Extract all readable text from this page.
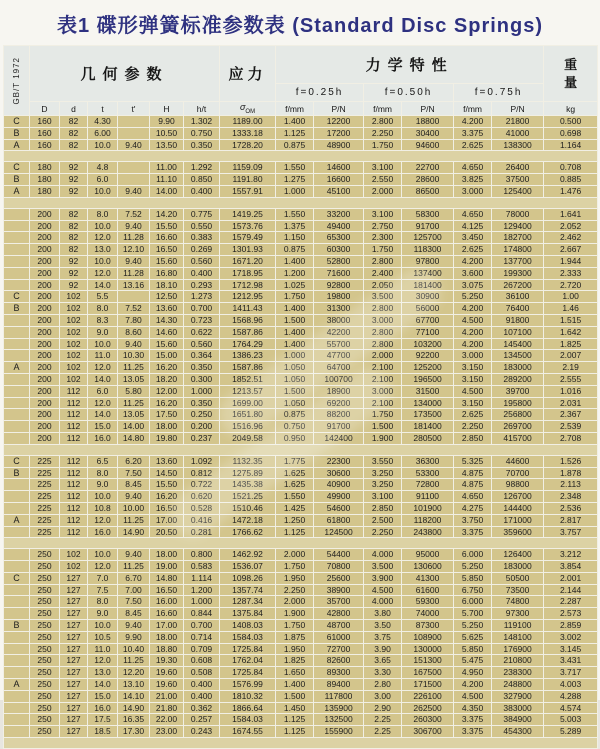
表1 碟形弹簧标准参数表 (Standard Disc Springs)
GB/T 1972	几何参数						应力	力学特性						重
量

								f=0.25h		f=0.50h		f=0.75h		
	D	d	t	t'	H	h/t	$\sigma_{OM}$	f/mm	P/N	f/mm	P/N	f/mm	P/N	kg
C	160	82	4.30		9.90	1.302	1189.00	1.400	12200	2.800	18800	4.200	21800	0.500
B	160	82	6.00		10.50	0.750	1333.18	1.125	17200	2.250	30400	3.375	41000	0.698
A	160	82	10.0	9.40	13.50	0.350	1728.20	0.875	48900	1.750	94600	2.625	138300	1.164

C	180	92	4.8		11.00	1.292	1159.09	1.550	14600	3.100	22700	4.650	26400	0.708
B	180	92	6.0		11.10	0.850	1191.80	1.275	16600	2.550	28600	3.825	37500	0.885
A	180	92	10.0	9.40	14.00	0.400	1557.91	1.000	45100	2.000	86500	3.000	125400	1.476

	200	82	8.0	7.52	14.20	0.775	1419.25	1.550	33200	3.100	58300	4.650	78000	1.641
	200	82	10.0	9.40	15.50	0.550	1573.76	1.375	49400	2.750	91700	4.125	129400	2.052
	200	82	12.0	11.28	16.60	0.383	1579.49	1.150	65300	2.300	125700	3.450	182700	2.462
	200	82	13.0	12.10	16.50	0.269	1301.93	0.875	60300	1.750	118300	2.625	174800	2.667
	200	92	10.0	9.40	15.60	0.560	1671.20	1.400	52800	2.800	97800	4.200	137700	1.944
	200	92	12.0	11.28	16.80	0.400	1718.95	1.200	71600	2.400	137400	3.600	199300	2.333
	200	92	14.0	13.16	18.10	0.293	1712.98	1.025	92800	2.050	181400	3.075	267200	2.720
C	200	102	5.5		12.50	1.273	1212.95	1.750	19800	3.500	30900	5.250	36100	1.00
B	200	102	8.0	7.52	13.60	0.700	1411.43	1.400	31300	2.800	56000	4.200	76400	1.46
	200	102	8.3	7.80	14.30	0.723	1568.96	1.500	38000	3.000	67700	4.500	91800	1.515
	200	102	9.0	8.60	14.60	0.622	1587.86	1.400	42200	2.800	77100	4.200	107100	1.642
	200	102	10.0	9.40	15.60	0.560	1764.29	1.400	55700	2.800	103200	4.200	145400	1.825
	200	102	11.0	10.30	15.00	0.364	1386.23	1.000	47700	2.000	92200	3.000	134500	2.007
A	200	102	12.0	11.25	16.20	0.350	1587.86	1.050	64700	2.100	125200	3.150	183000	2.19
	200	102	14.0	13.05	18.20	0.300	1852.51	1.050	100700	2.100	196500	3.150	289200	2.555
	200	112	6.0	5.80	12.00	1.000	1213.57	1.500	18900	3.000	31500	4.500	39700	1.016
	200	112	12.0	11.25	16.20	0.350	1699.00	1.050	69200	2.100	134000	3.150	195800	2.031
	200	112	14.0	13.05	17.50	0.250	1651.80	0.875	88200	1.750	173500	2.625	256800	2.367
	200	112	15.0	14.00	18.00	0.200	1516.96	0.750	91700	1.500	181400	2.250	269700	2.539
	200	112	16.0	14.80	19.80	0.237	2049.58	0.950	142400	1.900	280500	2.850	415700	2.708

C	225	112	6.5	6.20	13.60	1.092	1132.35	1.775	22300	3.550	36300	5.325	44600	1.526
B	225	112	8.0	7.50	14.50	0.812	1275.89	1.625	30600	3.250	53300	4.875	70700	1.878
	225	112	9.0	8.45	15.50	0.722	1435.38	1.625	40900	3.250	72800	4.875	98800	2.113
	225	112	10.0	9.40	16.20	0.620	1521.25	1.550	49900	3.100	91100	4.650	126700	2.348
	225	112	10.8	10.00	16.50	0.528	1510.46	1.425	54600	2.850	101900	4.275	144400	2.536
A	225	112	12.0	11.25	17.00	0.416	1472.18	1.250	61800	2.500	118200	3.750	171000	2.817
	225	112	16.0	14.90	20.50	0.281	1766.62	1.125	124500	2.250	243800	3.375	359600	3.757

	250	102	10.0	9.40	18.00	0.800	1462.92	2.000	54400	4.000	95000	6.000	126400	3.212
	250	102	12.0	11.25	19.00	0.583	1536.07	1.750	70800	3.500	130600	5.250	183000	3.854
C	250	127	7.0	6.70	14.80	1.114	1098.26	1.950	25600	3.900	41300	5.850	50500	2.001
	250	127	7.5	7.00	16.50	1.200	1357.74	2.250	38900	4.500	61600	6.750	73500	2.144
	250	127	8.0	7.50	16.00	1.000	1287.34	2.000	35700	4.000	59300	6.000	74800	2.287
	250	127	9.0	8.45	16.60	0.844	1375.84	1.900	42800	3.80	74000	5.700	97300	2.573
B	250	127	10.0	9.40	17.00	0.700	1408.03	1.750	48700	3.50	87300	5.250	119100	2.859
	250	127	10.5	9.90	18.00	0.714	1584.03	1.875	61000	3.75	108900	5.625	148100	3.002
	250	127	11.0	10.40	18.80	0.709	1725.84	1.950	72700	3.90	130000	5.850	176900	3.145
	250	127	12.0	11.25	19.30	0.608	1762.04	1.825	82600	3.65	151300	5.475	210800	3.431
	250	127	13.0	12.20	19.60	0.508	1725.84	1.650	89300	3.30	167500	4.950	238300	3.717
A	250	127	14.0	13.10	19.60	0.400	1576.99	1.400	89400	2.80	171500	4.200	248800	4.003
	250	127	15.0	14.10	21.00	0.400	1810.32	1.500	117800	3.00	226100	4.500	327900	4.288
	250	127	16.0	14.90	21.80	0.362	1866.64	1.450	135900	2.90	262500	4.350	383000	4.574
	250	127	17.5	16.35	22.00	0.257	1584.03	1.125	132500	2.25	260300	3.375	384900	5.003
	250	127	18.5	17.30	23.00	0.243	1674.55	1.125	155900	2.25	306700	3.375	454300	5.289
